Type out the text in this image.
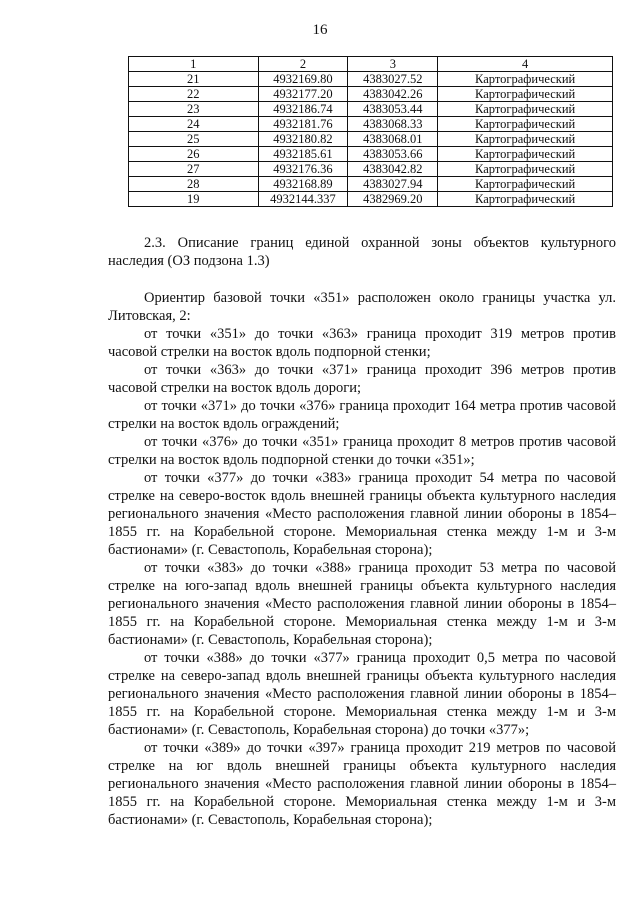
16
1	2	3	4
21	4932169.80	4383027.52	Картографический
22	4932177.20	4383042.26	Картографический
23	4932186.74	4383053.44	Картографический
24	4932181.76	4383068.33	Картографический
25	4932180.82	4383068.01	Картографический
26	4932185.61	4383053.66	Картографический
27	4932176.36	4383042.82	Картографический
28	4932168.89	4383027.94	Картографический
19	4932144.337	4382969.20	Картографический
2.3. Описание границ единой охранной зоны объектов культурного наследия (ОЗ подзона 1.3)

Ориентир базовой точки «351» расположен около границы участка ул. Литовская, 2:

от точки «351» до точки «363» граница проходит 319 метров против часовой стрелки на восток вдоль подпорной стенки;

от точки «363» до точки «371» граница проходит 396 метров против часовой стрелки на восток вдоль дороги;

от точки «371» до точки «376» граница проходит 164 метра против часовой стрелки на восток вдоль ограждений;

от точки «376» до точки «351» граница проходит 8 метров против часовой стрелки на восток вдоль подпорной стенки до точки «351»;

от точки «377» до точки «383» граница проходит 54 метра по часовой стрелке на северо-восток вдоль внешней границы объекта культурного наследия регионального значения «Место расположения главной линии обороны в 1854–1855 гг. на Корабельной стороне. Мемориальная стенка между 1-м и 3-м бастионами» (г. Севастополь, Корабельная сторона);

от точки «383» до точки «388» граница проходит 53 метра по часовой стрелке на юго-запад вдоль внешней границы объекта культурного наследия регионального значения «Место расположения главной линии обороны в 1854–1855 гг. на Корабельной стороне. Мемориальная стенка между 1-м и 3-м бастионами» (г. Севастополь, Корабельная сторона);

от точки «388» до точки «377» граница проходит 0,5 метра по часовой стрелке на северо-запад вдоль внешней границы объекта культурного наследия регионального значения «Место расположения главной линии обороны в 1854–1855 гг. на Корабельной стороне. Мемориальная стенка между 1-м и 3-м бастионами» (г. Севастополь, Корабельная сторона) до точки «377»;

от точки «389» до точки «397» граница проходит 219 метров по часовой стрелке на юг вдоль внешней границы объекта культурного наследия регионального значения «Место расположения главной линии обороны в 1854–1855 гг. на Корабельной стороне. Мемориальная стенка между 1-м и 3-м бастионами» (г. Севастополь, Корабельная сторона);
